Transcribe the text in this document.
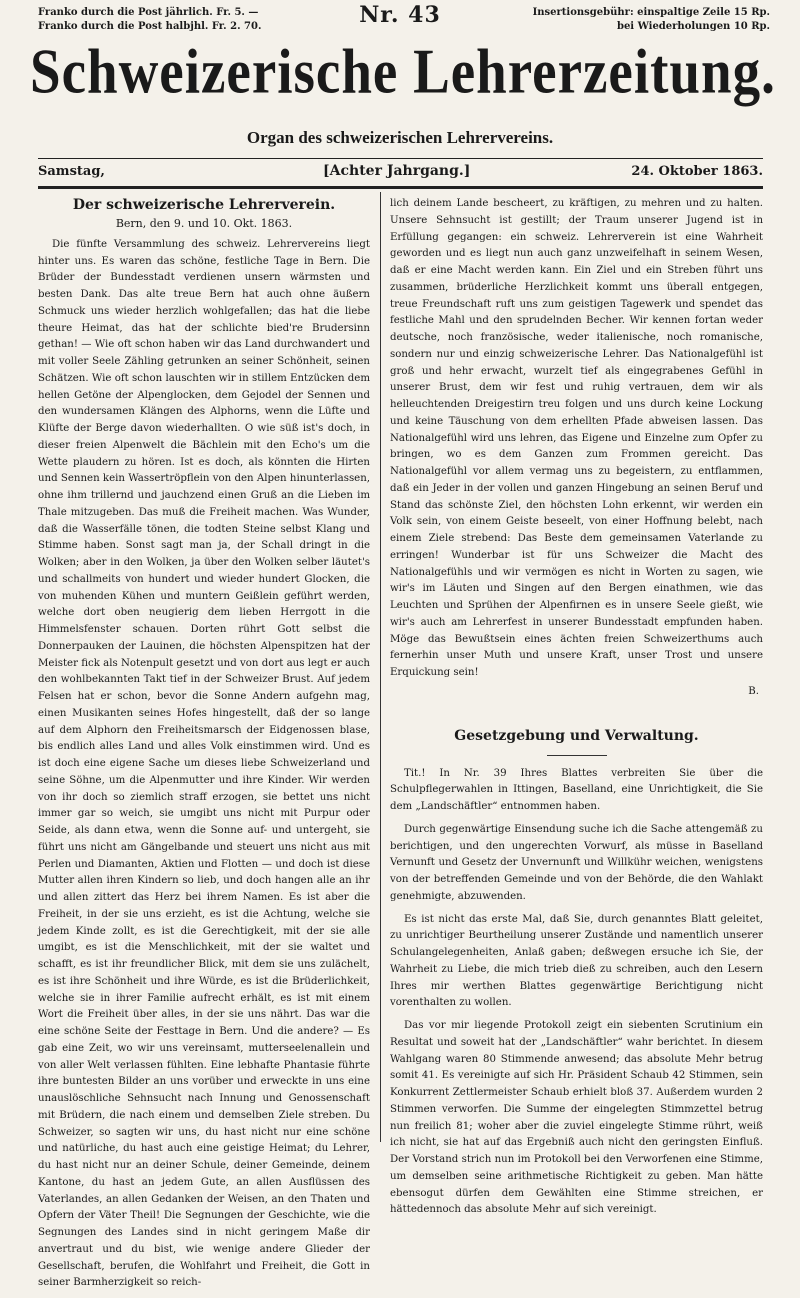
Franko durch die Post jährlich. Fr. 5. —
Franko durch die Post halbjhl. Fr. 2. 70.	Nr. 43	Insertionsgebühr: einspaltige Zeile 15 Rp.
bei Wiederholungen 10 Rp.
Schweizerische Lehrerzeitung.
Organ des schweizerischen Lehrervereins.
Samstag,	[Achter Jahrgang.]	24. Oktober 1863.
Der schweizerische Lehrerverein.
Bern, den 9. und 10. Okt. 1863.

Die fünfte Versammlung des schweiz. Lehrervereins liegt hinter uns. Es waren das schöne, festliche Tage in Bern. Die Brüder der Bundesstadt verdienen unsern wärmsten und besten Dank. Das alte treue Bern hat auch ohne äußern Schmuck uns wieder herzlich wohlgefallen; das hat die liebe theure Heimat, das hat der schlichte bied're Brudersinn gethan! — Wie oft schon haben wir das Land durchwandert und mit voller Seele Zähling getrunken an seiner Schönheit, seinen Schätzen. Wie oft schon lauschten wir in stillem Entzücken dem hellen Getöne der Alpenglocken, dem Gejodel der Sennen und den wundersamen Klängen des Alphorns, wenn die Lüfte und Klüfte der Berge davon wiederhallten. O wie süß ist's doch, in dieser freien Alpenwelt die Bächlein mit den Echo's um die Wette plaudern zu hören. Ist es doch, als könnten die Hirten und Sennen kein Wassertröpflein von den Alpen hinunterlassen, ohne ihm trillernd und jauchzend einen Gruß an die Lieben im Thale mitzugeben. Das muß die Freiheit machen. Was Wunder, daß die Wasserfälle tönen, die todten Steine selbst Klang und Stimme haben. Sonst sagt man ja, der Schall dringt in die Wolken; aber in den Wolken, ja über den Wolken selber läutet's und schallmeits von hundert und wieder hundert Glocken, die von muhenden Kühen und muntern Geißlein geführt werden, welche dort oben neugierig dem lieben Herrgott in die Himmelsfenster schauen. Dorten rührt Gott selbst die Donnerpauken der Lauinen, die höchsten Alpenspitzen hat der Meister fick als Notenpult gesetzt und von dort aus legt er auch den wohlbekannten Takt tief in der Schweizer Brust. Auf jedem Felsen hat er schon, bevor die Sonne Andern aufgehn mag, einen Musikanten seines Hofes hingestellt, daß der so lange auf dem Alphorn den Freiheitsmarsch der Eidgenossen blase, bis endlich alles Land und alles Volk einstimmen wird. Und es ist doch eine eigene Sache um dieses liebe Schweizerland und seine Söhne, um die Alpenmutter und ihre Kinder. Wir werden von ihr doch so ziemlich straff erzogen, sie bettet uns nicht immer gar so weich, sie umgibt uns nicht mit Purpur oder Seide, als dann etwa, wenn die Sonne auf- und untergeht, sie führt uns nicht am Gängelbande und steuert uns nicht aus mit Perlen und Diamanten, Aktien und Flotten — und doch ist diese Mutter allen ihren Kindern so lieb, und doch hangen alle an ihr und allen zittert das Herz bei ihrem Namen. Es ist aber die Freiheit, in der sie uns erzieht, es ist die Achtung, welche sie jedem Kinde zollt, es ist die Gerechtigkeit, mit der sie alle umgibt, es ist die Menschlichkeit, mit der sie waltet und schafft, es ist ihr freundlicher Blick, mit dem sie uns zulächelt, es ist ihre Schönheit und ihre Würde, es ist die Brüderlichkeit, welche sie in ihrer Familie aufrecht erhält, es ist mit einem Wort die Freiheit über alles, in der sie uns nährt. Das war die eine schöne Seite der Festtage in Bern. Und die andere? — Es gab eine Zeit, wo wir uns vereinsamt, mutterseelenallein und von aller Welt verlassen fühlten. Eine lebhafte Phantasie führte ihre buntesten Bilder an uns vorüber und erweckte in uns eine unauslöschliche Sehnsucht nach Innung und Genossenschaft mit Brüdern, die nach einem und demselben Ziele streben. Du Schweizer, so sagten wir uns, du hast nicht nur eine schöne und natürliche, du hast auch eine geistige Heimat; du Lehrer, du hast nicht nur an deiner Schule, deiner Gemeinde, deinem Kantone, du hast an jedem Gute, an allen Ausflüssen des Vaterlandes, an allen Gedanken der Weisen, an den Thaten und Opfern der Väter Theil! Die Segnungen der Geschichte, wie die Segnungen des Landes sind in nicht geringem Maße dir anvertraut und du bist, wie wenige andere Glieder der Gesellschaft, berufen, die Wohlfahrt und Freiheit, die Gott in seiner Barmherzigkeit so reich-

lich deinem Lande bescheert, zu kräftigen, zu mehren und zu halten. Unsere Sehnsucht ist gestillt; der Traum unserer Jugend ist in Erfüllung gegangen: ein schweiz. Lehrerverein ist eine Wahrheit geworden und es liegt nun auch ganz unzweifelhaft in seinem Wesen, daß er eine Macht werden kann. Ein Ziel und ein Streben führt uns zusammen, brüderliche Herzlichkeit kommt uns überall entgegen, treue Freundschaft ruft uns zum geistigen Tagewerk und spendet das festliche Mahl und den sprudelnden Becher. Wir kennen fortan weder deutsche, noch französische, weder italienische, noch romanische, sondern nur und einzig schweizerische Lehrer. Das Nationalgefühl ist groß und hehr erwacht, wurzelt tief als eingegrabenes Gefühl in unserer Brust, dem wir fest und ruhig vertrauen, dem wir als helleuchtenden Dreigestirn treu folgen und uns durch keine Lockung und keine Täuschung von dem erhellten Pfade abweisen lassen. Das Nationalgefühl wird uns lehren, das Eigene und Einzelne zum Opfer zu bringen, wo es dem Ganzen zum Frommen gereicht. Das Nationalgefühl vor allem vermag uns zu begeistern, zu entflammen, daß ein Jeder in der vollen und ganzen Hingebung an seinen Beruf und Stand das schönste Ziel, den höchsten Lohn erkennt, wir werden ein Volk sein, von einem Geiste beseelt, von einer Hoffnung belebt, nach einem Ziele strebend: Das Beste dem gemeinsamen Vaterlande zu erringen! Wunderbar ist für uns Schweizer die Macht des Nationalgefühls und wir vermögen es nicht in Worten zu sagen, wie wir's im Läuten und Singen auf den Bergen einathmen, wie das Leuchten und Sprühen der Alpenfirnen es in unsere Seele gießt, wie wir's auch am Lehrerfest in unserer Bundesstadt empfunden haben. Möge das Bewußtsein eines ächten freien Schweizerthums auch fernerhin unser Muth und unsere Kraft, unser Trost und unsere Erquickung sein!

B.
Gesetzgebung und Verwaltung.

Tit.! In Nr. 39 Ihres Blattes verbreiten Sie über die Schulpflegerwahlen in Ittingen, Baselland, eine Unrichtigkeit, die Sie dem „Landschäftler“ entnommen haben.

Durch gegenwärtige Einsendung suche ich die Sache attengemäß zu berichtigen, und den ungerechten Vorwurf, als müsse in Baselland Vernunft und Gesetz der Unvernunft und Willkühr weichen, wenigstens von der betreffenden Gemeinde und von der Behörde, die den Wahlakt genehmigte, abzuwenden.

Es ist nicht das erste Mal, daß Sie, durch genanntes Blatt geleitet, zu unrichtiger Beurtheilung unserer Zustände und namentlich unserer Schulangelegenheiten, Anlaß gaben; deßwegen ersuche ich Sie, der Wahrheit zu Liebe, die mich trieb dieß zu schreiben, auch den Lesern Ihres mir werthen Blattes gegenwärtige Berichtigung nicht vorenthalten zu wollen.

Das vor mir liegende Protokoll zeigt ein siebenten Scrutinium ein Resultat und soweit hat der „Landschäftler“ wahr berichtet. In diesem Wahlgang waren 80 Stimmende anwesend; das absolute Mehr betrug somit 41. Es vereinigte auf sich Hr. Präsident Schaub 42 Stimmen, sein Konkurrent Zettlermeister Schaub erhielt bloß 37. Außerdem wurden 2 Stimmen verworfen. Die Summe der eingelegten Stimmzettel betrug nun freilich 81; woher aber die zuviel eingelegte Stimme rührt, weiß ich nicht, sie hat auf das Ergebniß auch nicht den geringsten Einfluß. Der Vorstand strich nun im Protokoll bei den Verworfenen eine Stimme, um demselben seine arithmetische Richtigkeit zu geben. Man hätte ebensogut dürfen dem Gewählten eine Stimme streichen, er hättedennoch das absolute Mehr auf sich vereinigt.
